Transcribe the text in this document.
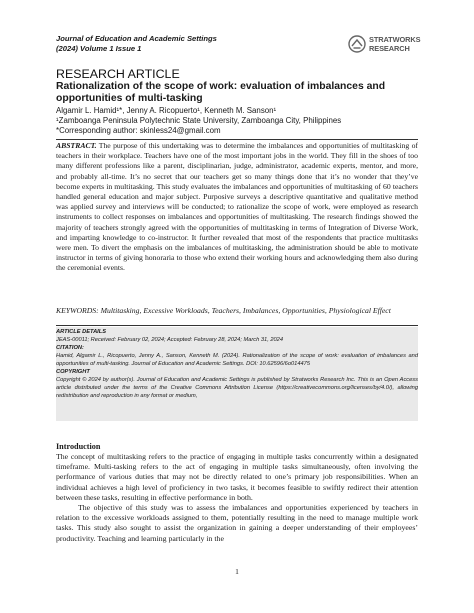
Journal of Education and Academic Settings
(2024) Volume 1 Issue 1
STRATWORKS
RESEARCH
RESEARCH ARTICLE
Rationalization of the scope of work: evaluation of imbalances and opportunities of multi-tasking
Algamir L. Hamid¹*, Jenny A. Ricopuerto¹, Kenneth M. Sanson¹
¹Zamboanga Peninsula Polytechnic State University, Zamboanga City, Philippines
*Corresponding author: skinless24@gmail.com

ABSTRACT. The purpose of this undertaking was to determine the imbalances and opportunities of multitasking of teachers in their workplace. Teachers have one of the most important jobs in the world. They fill in the shoes of too many different professions like a parent, disciplinarian, judge, administrator, academic experts, mentor, and more, and probably all-time. It’s no secret that our teachers get so many things done that it’s no wonder that they’ve become experts in multitasking. This study evaluates the imbalances and opportunities of multitasking of 60 teachers handled general education and major subject. Purposive surveys a descriptive quantitative and qualitative method was applied survey and interviews will be conducted; to rationalize the scope of work, were employed as research instruments to collect responses on imbalances and opportunities of multitasking. The research findings showed the majority of teachers strongly agreed with the opportunities of multitasking in terms of Integration of Diverse Work, and imparting knowledge to co-instructor. It further revealed that most of the respondents that practice multitasks were men. To divert the emphasis on the imbalances of multitasking, the administration should be able to motivate instructor in terms of giving honoraria to those who extend their working hours and acknowledging them also during the ceremonial events.

KEYWORDS: Multitasking, Excessive Workloads, Teachers, Imbalances, Opportunities, Physiological Effect

ARTICLE DETAILS

JEAS-00011; Received: February 02, 2024; Accepted: February 28, 2024; March 31, 2024

CITATION:

Hamid, Algamir L., Ricopuerto, Jenny A., Sanson, Kenneth M. (2024). Rationalization of the scope of work: evaluation of imbalances and opportunities of multi-tasking. Journal of Education and Academic Settings. DOI: 10.62596/6o014475

COPYRIGHT

Copyright © 2024 by author(s). Journal of Education and Academic Settings is published by Stratworks Research Inc. This is an Open Access article distributed under the terms of the Creative Commons Attribution License (https://creativecommons.org/licenses/by/4.0/), allowing redistribution and reproduction in any format or medium,

Introduction

The concept of multitasking refers to the practice of engaging in multiple tasks concurrently within a designated timeframe. Multi-tasking refers to the act of engaging in multiple tasks simultaneously, often involving the performance of various duties that may not be directly related to one’s primary job responsibilities. When an individual achieves a high level of proficiency in two tasks, it becomes feasible to swiftly redirect their attention between these tasks, resulting in effective performance in both.

The objective of this study was to assess the imbalances and opportunities experienced by teachers in relation to the excessive workloads assigned to them, potentially resulting in the need to manage multiple work tasks. This study also sought to assist the organization in gaining a deeper understanding of their employees’ productivity. Teaching and learning particularly in the

1
